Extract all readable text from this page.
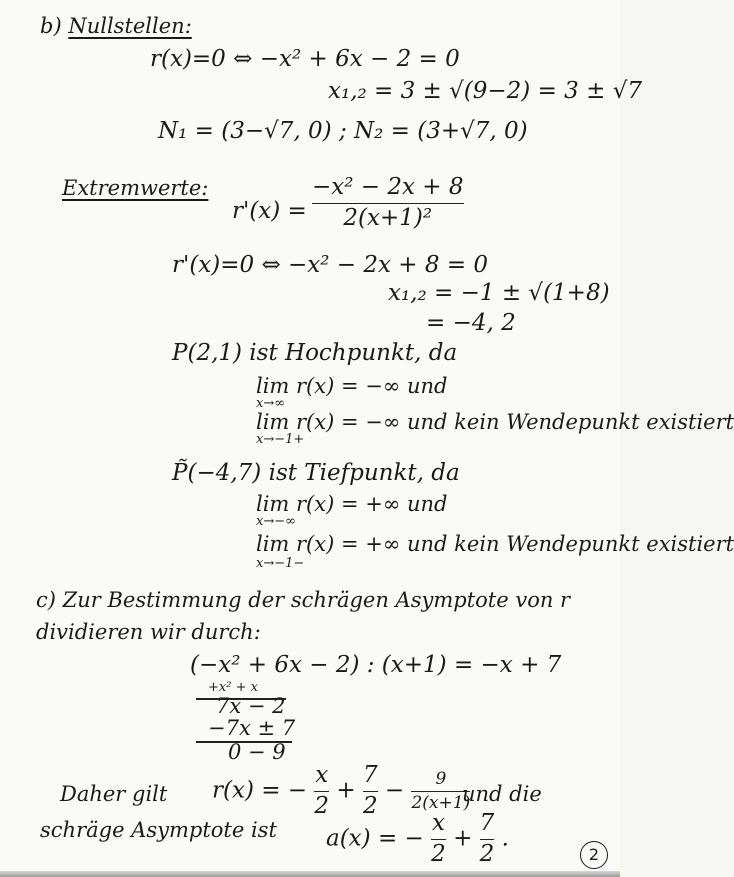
b) Nullstellen:
r(x)=0 ⇔ −x² + 6x − 2 = 0
x₁,₂ = 3 ± √(9−2) = 3 ± √7
N₁ = (3−√7, 0) ; N₂ = (3+√7, 0)
Extremwerte:
$r'(x) = \frac{\text{−x² − 2x + 8}}{\text{2(x+1)²}}$
r'(x)=0 ⇔ −x² − 2x + 8 = 0
x₁,₂ = −1 ± √(1+8)
= −4, 2
P(2,1) ist Hochpunkt, da
lim r(x) = −∞ und
x→∞
lim r(x) = −∞ und kein Wendepunkt existiert
x→−1+
P̃(−4,7) ist Tiefpunkt, da
lim r(x) = +∞ und
x→−∞
lim r(x) = +∞ und kein Wendepunkt existiert
x→−1−
c) Zur Bestimmung der schrägen Asymptote von r
dividieren wir durch:
(−x² + 6x − 2) : (x+1) = −x + 7
+x² + x
7x − 2
−7x ± 7
0 − 9
Daher gilt r(x) = − $\frac{x}{2} + \frac{7}{2} - \frac{9}{2(x+1)}$
und die
schräge Asymptote ist a(x) = − $\frac{x}{2} + \frac{7}{2}$ .
2
